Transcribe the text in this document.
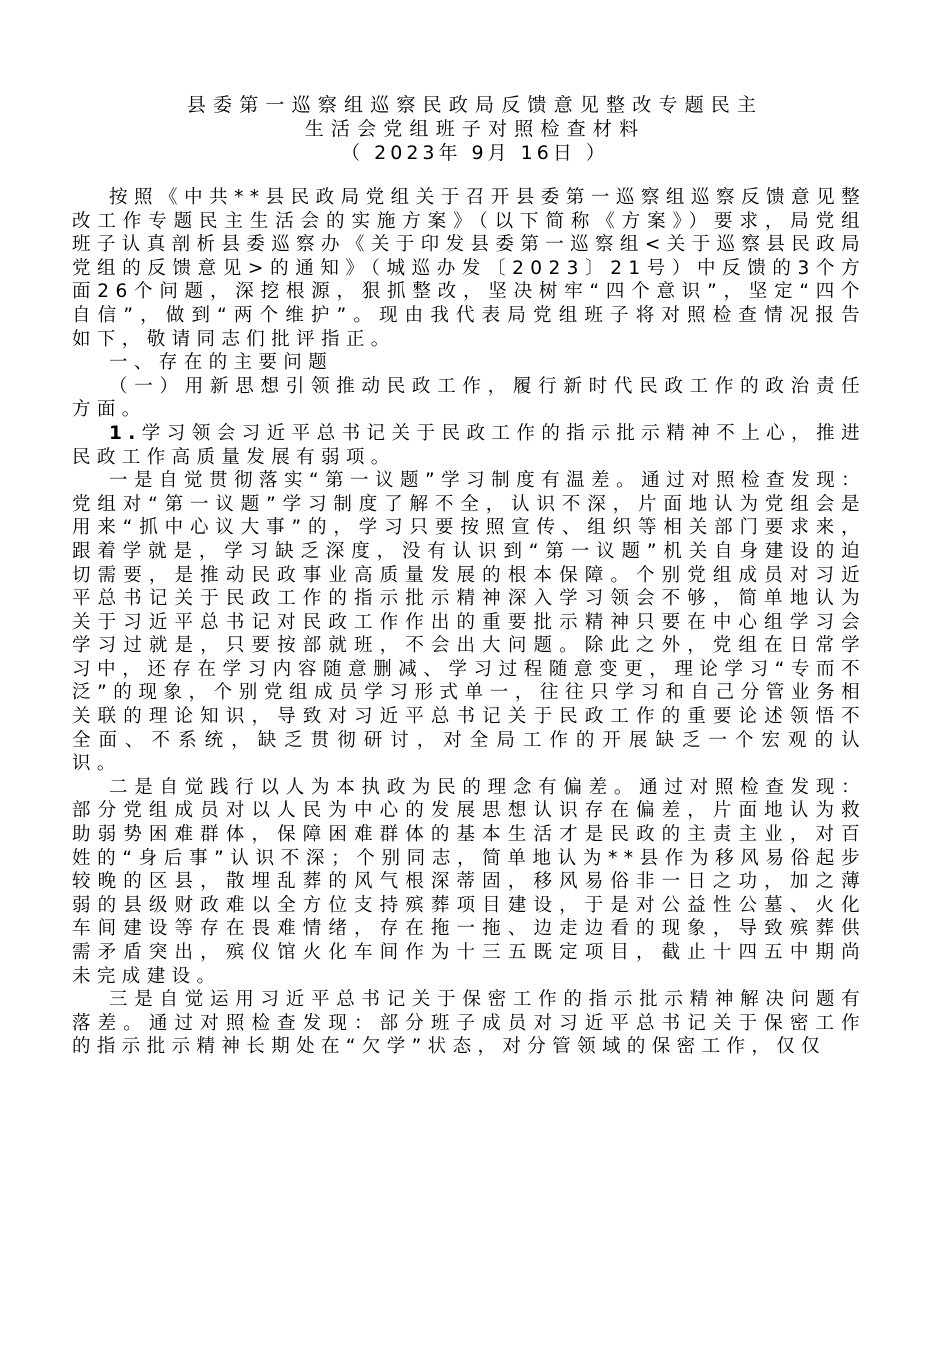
县委第一巡察组巡察民政局反馈意见整改专题民主
生活会党组班子对照检查材料
（ 2023年 9月 16日 ）

按照《中共**县民政局党组关于召开县委第一巡察组巡察反馈意见整改工作专题民主生活会的实施方案》（以下简称《方案》）要求，局党组班子认真剖析县委巡察办《关于印发县委第一巡察组<关于巡察县民政局党组的反馈意见>的通知》（城巡办发〔2023〕21号）中反馈的3个方面26个问题，深挖根源，狠抓整改，坚决树牢“四个意识”，坚定“四个自信”，做到“两个维护”。现由我代表局党组班子将对照检查情况报告如下，敬请同志们批评指正。

一、存在的主要问题

（一）用新思想引领推动民政工作，履行新时代民政工作的政治责任方面。

1.学习领会习近平总书记关于民政工作的指示批示精神不上心，推进民政工作高质量发展有弱项。

一是自觉贯彻落实“第一议题”学习制度有温差。通过对照检查发现：党组对“第一议题”学习制度了解不全，认识不深，片面地认为党组会是用来“抓中心议大事”的，学习只要按照宣传、组织等相关部门要求来，跟着学就是，学习缺乏深度，没有认识到“第一议题”机关自身建设的迫切需要，是推动民政事业高质量发展的根本保障。个别党组成员对习近平总书记关于民政工作的指示批示精神深入学习领会不够，简单地认为关于习近平总书记对民政工作作出的重要批示精神只要在中心组学习会学习过就是，只要按部就班，不会出大问题。除此之外，党组在日常学习中，还存在学习内容随意删减、学习过程随意变更，理论学习“专而不泛”的现象，个别党组成员学习形式单一，往往只学习和自己分管业务相关联的理论知识，导致对习近平总书记关于民政工作的重要论述领悟不全面、不系统，缺乏贯彻研讨，对全局工作的开展缺乏一个宏观的认识。

二是自觉践行以人为本执政为民的理念有偏差。通过对照检查发现：部分党组成员对以人民为中心的发展思想认识存在偏差，片面地认为救助弱势困难群体，保障困难群体的基本生活才是民政的主责主业，对百姓的“身后事”认识不深；个别同志，简单地认为**县作为移风易俗起步较晚的区县，散埋乱葬的风气根深蒂固，移风易俗非一日之功，加之薄弱的县级财政难以全方位支持殡葬项目建设，于是对公益性公墓、火化车间建设等存在畏难情绪，存在拖一拖、边走边看的现象，导致殡葬供需矛盾突出，殡仪馆火化车间作为十三五既定项目，截止十四五中期尚未完成建设。

三是自觉运用习近平总书记关于保密工作的指示批示精神解决问题有落差。通过对照检查发现：部分班子成员对习近平总书记关于保密工作的指示批示精神长期处在“欠学”状态，对分管领域的保密工作，仅仅
